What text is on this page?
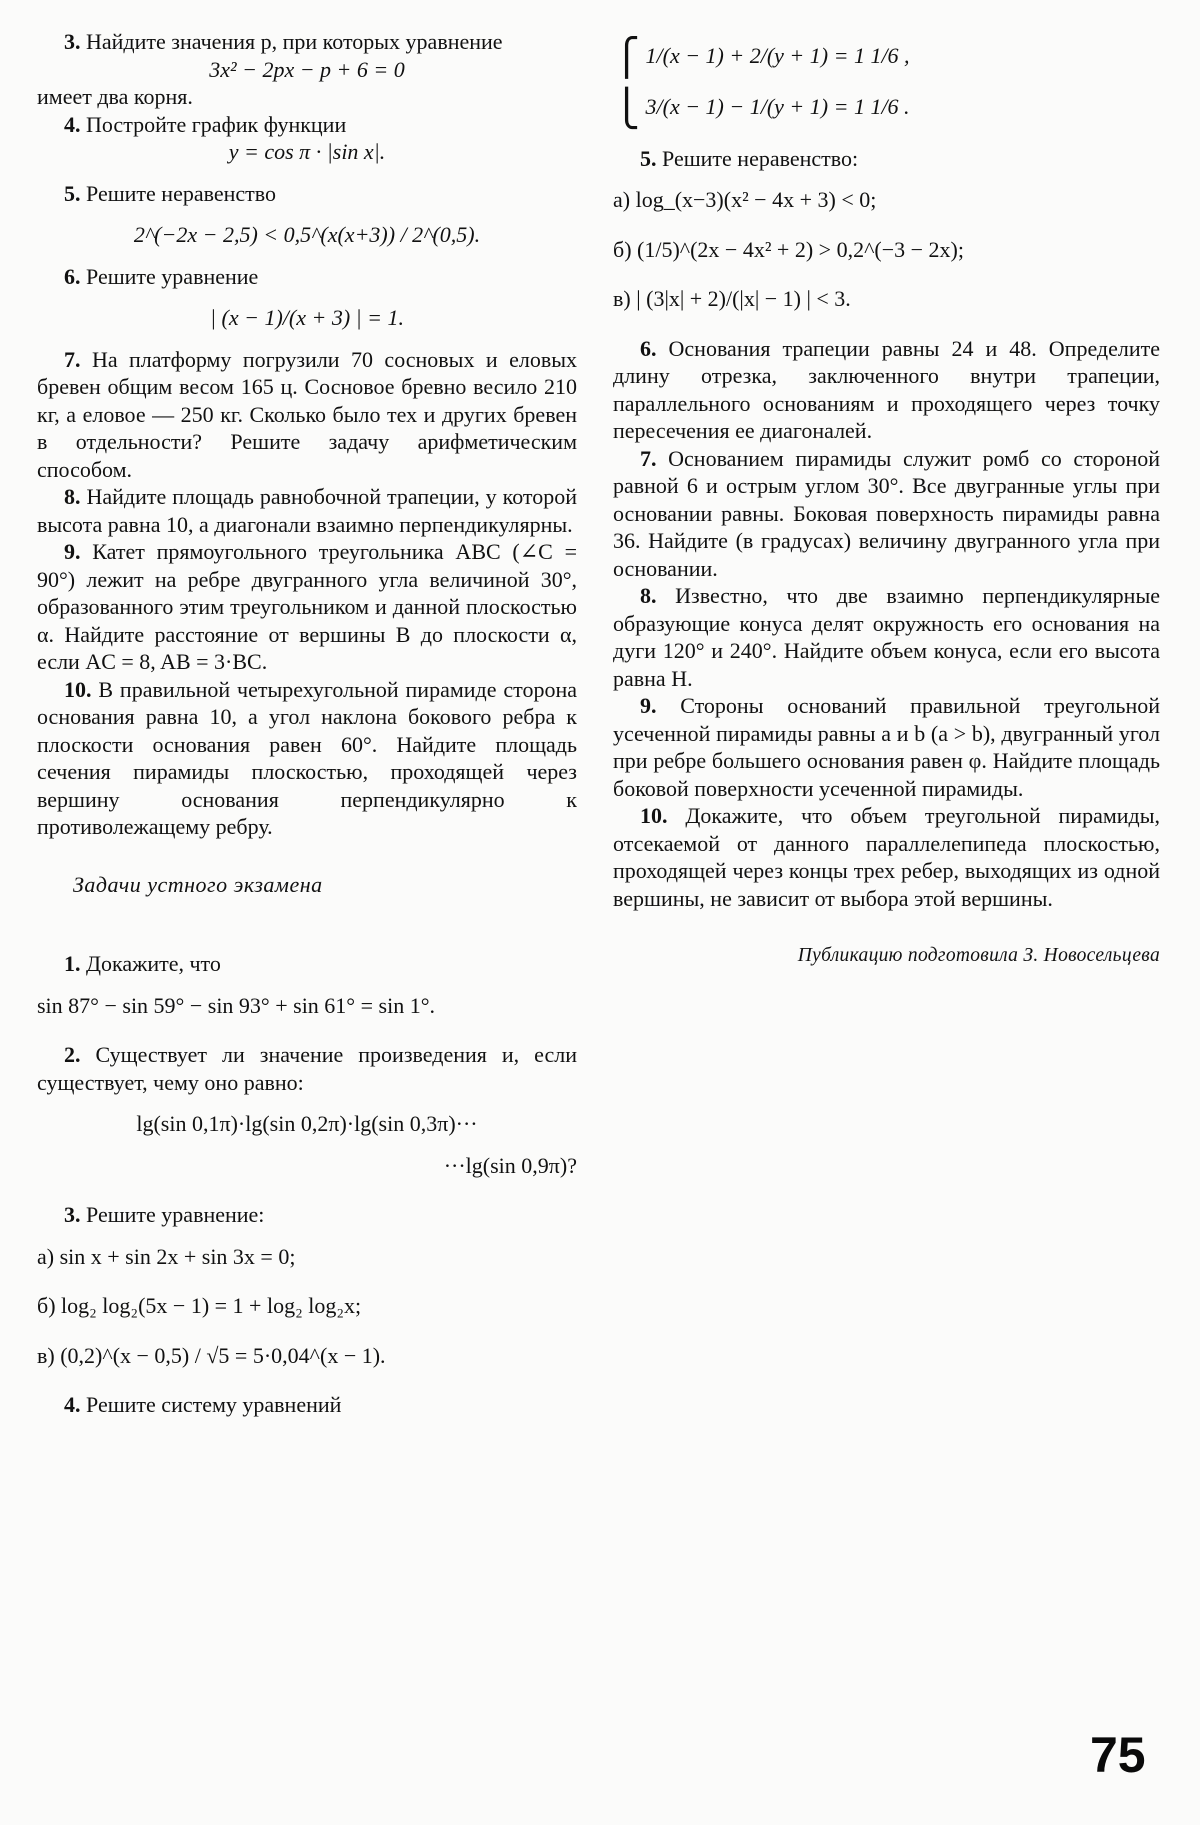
3. Найдите значения p, при которых уравнение

3x² − 2px − p + 6 = 0

имеет два корня.

4. Постройте график функции

y = cos π · |sin x|.

5. Решите неравенство

2^(−2x − 2,5) < 0,5^(x(x+3)) / 2^(0,5).

6. Решите уравнение

| (x − 1)/(x + 3) | = 1.

7. На платформу погрузили 70 сосновых и еловых бревен общим весом 165 ц. Сосновое бревно весило 210 кг, а еловое — 250 кг. Сколько было тех и других бревен в отдельности? Решите задачу арифметическим способом.

8. Найдите площадь равнобочной трапеции, у которой высота равна 10, а диагонали взаимно перпендикулярны.

9. Катет прямоугольного треугольника ABC (∠C = 90°) лежит на ребре двугранного угла величиной 30°, образованного этим треугольником и данной плоскостью α. Найдите расстояние от вершины B до плоскости α, если AC = 8, AB = 3·BC.

10. В правильной четырехугольной пирамиде сторона основания равна 10, а угол наклона бокового ребра к плоскости основания равен 60°. Найдите площадь сечения пирамиды плоскостью, проходящей через вершину основания перпендикулярно к противолежащему ребру.

Задачи устного экзамена

1. Докажите, что

sin 87° − sin 59° − sin 93° + sin 61° = sin 1°.

2. Существует ли значение произведения и, если существует, чему оно равно:

lg(sin 0,1π)·lg(sin 0,2π)·lg(sin 0,3π)···

···lg(sin 0,9π)?

3. Решите уравнение:

а) sin x + sin 2x + sin 3x = 0;

б) log₂ log₂(5x − 1) = 1 + log₂ log₂x;

в) (0,2)^(x − 0,5) / √5 = 5·0,04^(x − 1).

4. Решите систему уравнений

⎧ 1/(x − 1) + 2/(y + 1) = 1 1/6 ,

⎩ 3/(x − 1) − 1/(y + 1) = 1 1/6 .

5. Решите неравенство:

а) log_(x−3)(x² − 4x + 3) < 0;

б) (1/5)^(2x − 4x² + 2) > 0,2^(−3 − 2x);

в) | (3|x| + 2)/(|x| − 1) | < 3.

6. Основания трапеции равны 24 и 48. Определите длину отрезка, заключенного внутри трапеции, параллельного основаниям и проходящего через точку пересечения ее диагоналей.

7. Основанием пирамиды служит ромб со стороной равной 6 и острым углом 30°. Все двугранные углы при основании равны. Боковая поверхность пирамиды равна 36. Найдите (в градусах) величину двугранного угла при основании.

8. Известно, что две взаимно перпендикулярные образующие конуса делят окружность его основания на дуги 120° и 240°. Найдите объем конуса, если его высота равна H.

9. Стороны оснований правильной треугольной усеченной пирамиды равны a и b (a > b), двугранный угол при ребре большего основания равен φ. Найдите площадь боковой поверхности усеченной пирамиды.

10. Докажите, что объем треугольной пирамиды, отсекаемой от данного параллелепипеда плоскостью, проходящей через концы трех ребер, выходящих из одной вершины, не зависит от выбора этой вершины.

Публикацию подготовила З. Новосельцева

75
